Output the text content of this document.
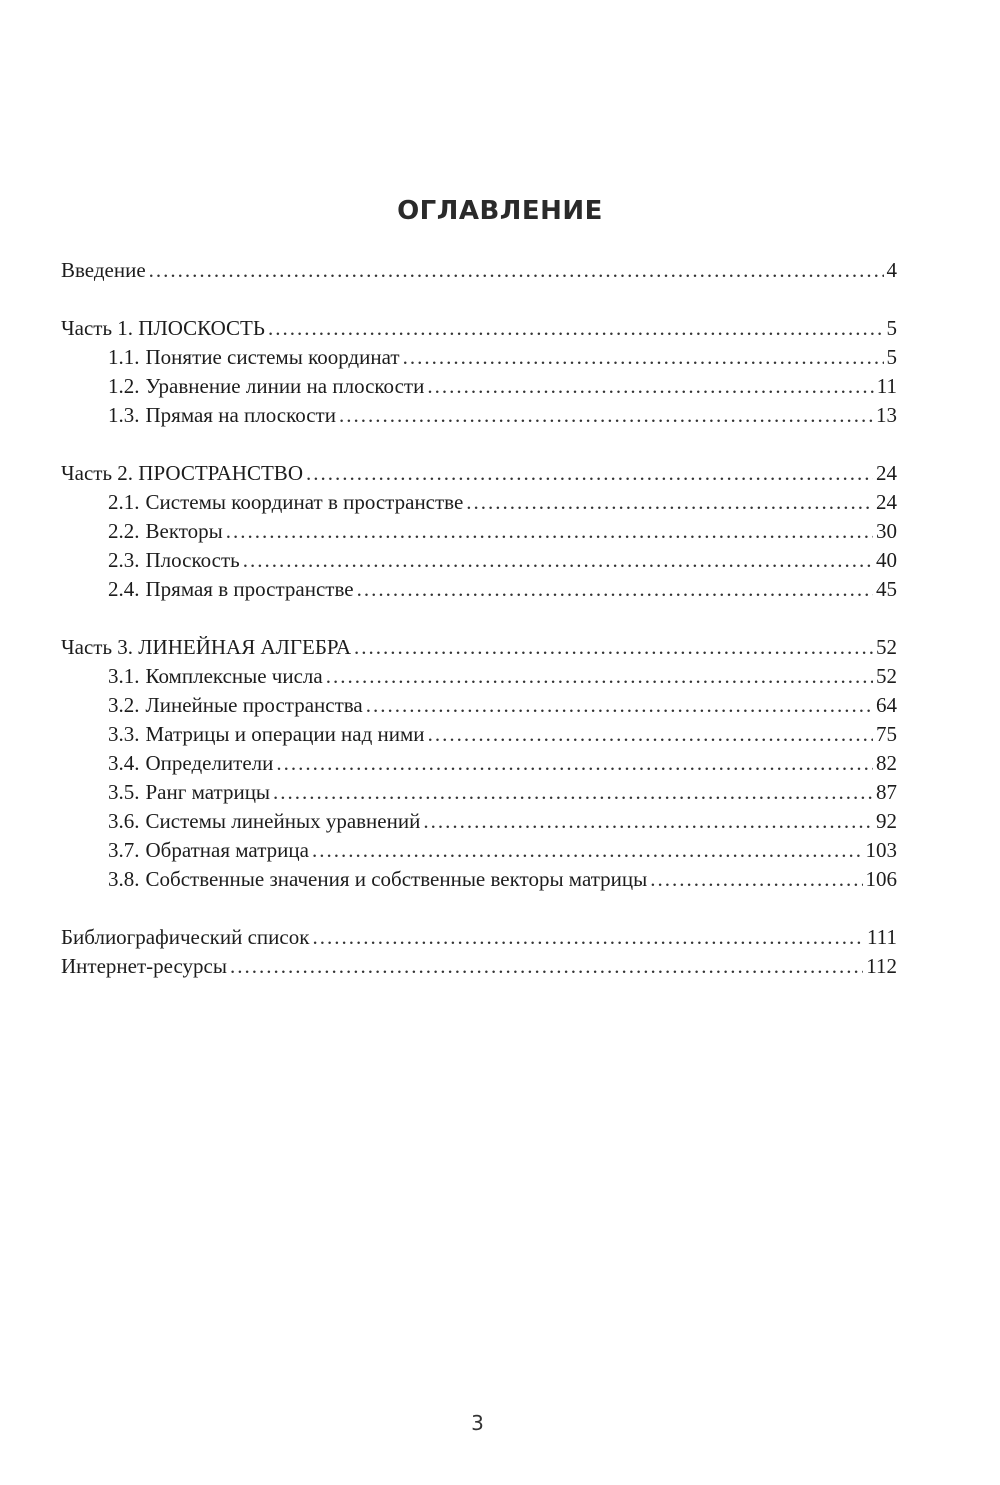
ОГЛАВЛЕНИЕ
Введение .....	4
Часть 1. ПЛОСКОСТЬ .....	5
1.1. Понятие системы координат .....	5
1.2. Уравнение линии на плоскости .....	11
1.3. Прямая на плоскости .....	13
Часть 2. ПРОСТРАНСТВО .....	24
2.1. Системы координат в пространстве .....	24
2.2. Векторы .....	30
2.3. Плоскость .....	40
2.4. Прямая в пространстве .....	45
Часть 3. ЛИНЕЙНАЯ АЛГЕБРА .....	52
3.1. Комплексные числа .....	52
3.2. Линейные пространства .....	64
3.3. Матрицы и операции над ними .....	75
3.4. Определители .....	82
3.5. Ранг матрицы .....	87
3.6. Системы линейных уравнений .....	92
3.7. Обратная матрица .....	103
3.8. Собственные значения и собственные векторы матрицы .....	106
Библиографический список .....	111
Интернет-ресурсы .....	112
3
